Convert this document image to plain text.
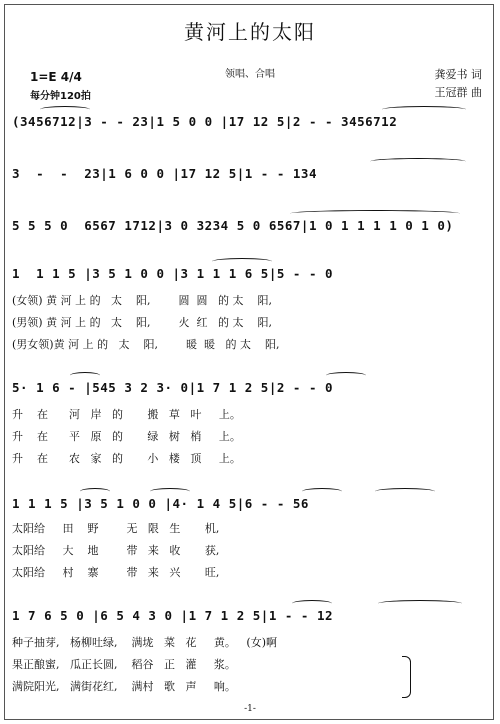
黄河上的太阳
1=E 4/4
每分钟120拍
领唱、合唱	龚爱书 词
王冠群 曲
(3456712|3 - - 23|1 5 0 0 |17 12 5|2 - - 3456712
3  -  -  23|1 6 0 0 |17 12 5|1 - - 134
5 5 5 0  6567 1712|3 0 3234 5 0 6567|1 0 1 1 1 1 0 1 0)
1  1 1 5 |3 5 1 0 0 |3 1 1 1 6 5|5 - - 0
5· 1 6 - |545 3 2 3· 0|1 7 1 2 5|2 - - 0
1 1 1 5 |3 5 1 0 0 |4· 1 4 5|6 - - 56
1 7 6 5 0 |6 5 4 3 0 |1 7 1 2 5|1 - - 12
(女领) 黄 河 上 的   太    阳,        圆  圆   的 太    阳,
(男领) 黄 河 上 的   太    阳,        火  红   的 太    阳,
(男女领)黄 河 上 的   太    阳,        暖  暖   的 太    阳,
升    在      河   岸   的       搬   草   叶     上。
升    在      平   原   的       绿   树   梢     上。
升    在      农   家   的       小   楼   顶     上。
太阳给     田    野        无   限   生       机,
太阳给     大    地        带   来   收       获,
太阳给     村    寨        带   来   兴       旺,
种子抽芽,   杨柳吐绿,    满垅   菜   花     黄。   (女)啊
果正酿蜜,   瓜正长圆,    稻谷   正   灌     浆。
满院阳光,   满街花红,    满村   歌   声     响。
-1-
